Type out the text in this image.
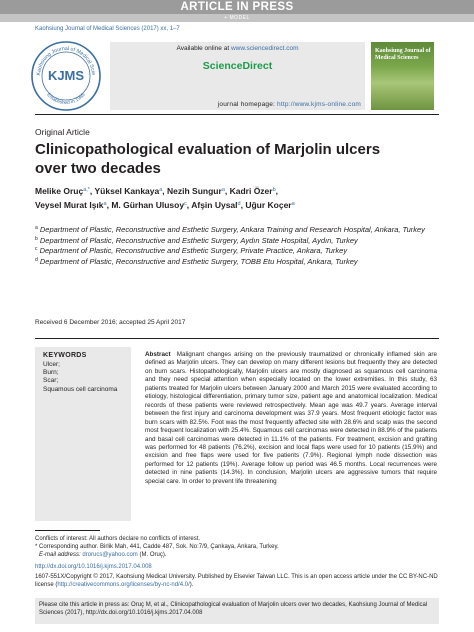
ARTICLE IN PRESS
+ MODEL
Kaohsiung Journal of Medical Sciences (2017) xx, 1–7
Kaohsiung Journal of Medical Scie
Established in 1985
KJMS
Available online at www.sciencedirect.com
ScienceDirect
journal homepage: http://www.kjms-online.com
Kaohsiung Journal of Medical Sciences
Original Article
Clinicopathological evaluation of Marjolin ulcers
over two decades
Melike Oruç$^{a,*}$, Yüksel Kankaya$^a$, Nezih Sungur$^a$, Kadri Özer$^b$,
Veysel Murat Işık$^a$, M. Gürhan Ulusoy$^c$, Afşin Uysal$^d$, Uğur Koçer$^a$
$^a$ Department of Plastic, Reconstructive and Esthetic Surgery, Ankara Training and Research Hospital, Ankara, Turkey
$^b$ Department of Plastic, Reconstructive and Esthetic Surgery, Aydın State Hospital, Aydın, Turkey
$^c$ Department of Plastic, Reconstructive and Esthetic Surgery, Private Practice, Ankara, Turkey
$^d$ Department of Plastic, Reconstructive and Esthetic Surgery, TOBB Etu Hospital, Ankara, Turkey
Received 6 December 2016; accepted 25 April 2017
KEYWORDS
Ulcer;
Burn;
Scar;
Squamous cell carcinoma
Abstract Malignant changes arising on the previously traumatized or chronically inflamed skin are defined as Marjolin ulcers. They can develop on many different lesions but frequently they are detected on burn scars. Histopathologically, Marjolin ulcers are mostly diagnosed as squamous cell carcinoma and they need special attention when especially located on the lower extremities. In this study, 63 patients treated for Marjolin ulcers between January 2000 and March 2015 were evaluated according to etiology, histological differentiation, primary tumor size, patient age and anatomical localization. Medical records of these patients were reviewed retrospectively. Mean age was 49.7 years. Average interval between the first injury and carcinoma development was 37.9 years. Most frequent etiologic factor was burn scars with 82.5%. Foot was the most frequently affected site with 28.6% and scalp was the second most frequent localization with 25.4%. Squamous cell carcinomas were detected in 88.9% of the patients and basal cell carcinomas were detected in 11.1% of the patients. For treatment, excision and grafting was performed for 48 patients (76.2%), excision and local flaps were used for 10 patients (15.9%) and excision and free flaps were used for five patients (7.9%). Regional lymph node dissection was performed for 12 patients (19%). Average follow up period was 46.5 months. Local recurrences were detected in nine patients (14.3%). In conclusion, Marjolin ulcers are aggressive tumors that require special care. In order to prevent life threatening
Conflicts of interest: All authors declare no conflicts of interest.
* Corresponding author. Birlik Mah, 441, Cadde 487, Sok. No:7/9, Çankaya, Ankara, Turkey.
E-mail address: drorucs@yahoo.com (M. Oruç).
http://dx.doi.org/10.1016/j.kjms.2017.04.008
1607-551X/Copyright © 2017, Kaohsiung Medical University. Published by Elsevier Taiwan LLC. This is an open access article under the CC BY-NC-ND license (http://creativecommons.org/licenses/by-nc-nd/4.0/).
Please cite this article in press as: Oruç M, et al., Clinicopathological evaluation of Marjolin ulcers over two decades, Kaohsiung Journal of Medical Sciences (2017), http://dx.doi.org/10.1016/j.kjms.2017.04.008
